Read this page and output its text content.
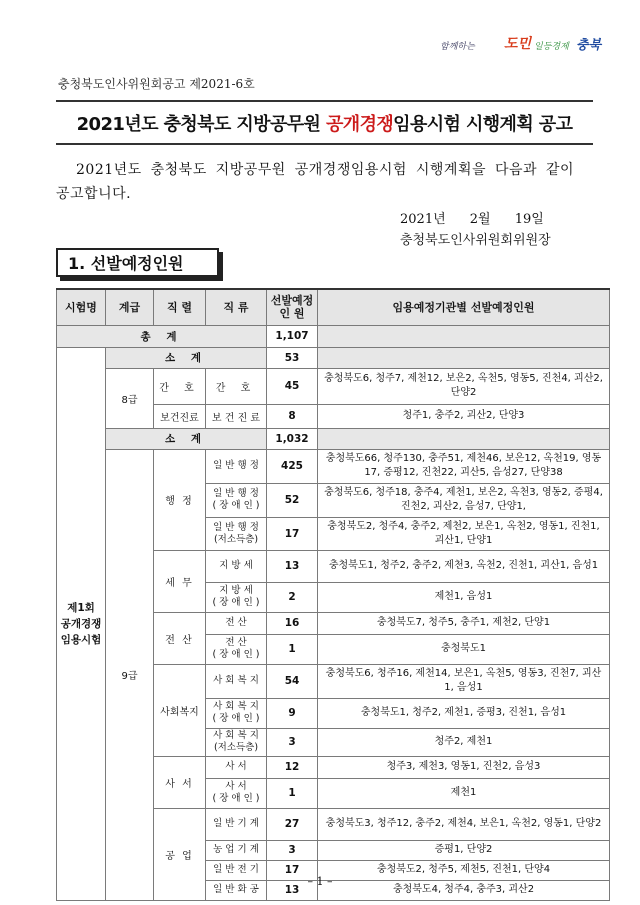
함께하는 도민 일등경제 충북
충청북도인사위원회공고 제2021-6호
2021년도 충청북도 지방공무원 공개경쟁임용시험 시행계획 공고
2021년도 충청북도 지방공무원 공개경쟁임용시험 시행계획을 다음과 같이 공고합니다.
2021년 2월 19일
충청북도인사위원회위원장
1. 선발예정인원
시험명	계급	직 렬	직 류	선발예정
인 원	임용예정기관별 선발예정인원
총 계				1,107	
제1회
공개경쟁
임용시험	소 계			53	
	8급	간 호	간 호	45	충청북도6, 청주7, 제천12, 보은2, 옥천5, 영동5, 진천4, 괴산2, 단양2
		보건진료	보 건 진 료	8	청주1, 충주2, 괴산2, 단양3
	소 계			1,032	
	9급	행 정	일 반 행 정	425	충청북도66, 청주130, 충주51, 제천46, 보은12, 옥천19, 영동17, 증평12, 진천22, 괴산5, 음성27, 단양38
			일 반 행 정
( 장 애 인 )	52	충청북도6, 청주18, 충주4, 제천1, 보은2, 옥천3, 영동2, 증평4, 진천2, 괴산2, 음성7, 단양1,
			일 반 행 정
(저소득층)	17	충청북도2, 청주4, 충주2, 제천2, 보은1, 옥천2, 영동1, 진천1, 괴산1, 단양1
		세 무	지 방 세	13	충청북도1, 청주2, 충주2, 제천3, 옥천2, 진천1, 괴산1, 음성1
			지 방 세
( 장 애 인 )	2	제천1, 음성1
		전 산	전 산	16	충청북도7, 청주5, 충주1, 제천2, 단양1
			전 산
( 장 애 인 )	1	충청북도1
		사회복지	사 회 복 지	54	충청북도6, 청주16, 제천14, 보은1, 옥천5, 영동3, 진천7, 괴산1, 음성1
			사 회 복 지
( 장 애 인 )	9	충청북도1, 청주2, 제천1, 증평3, 진천1, 음성1
			사 회 복 지
(저소득층)	3	청주2, 제천1
		사 서	사 서	12	청주3, 제천3, 영동1, 진천2, 음성3
			사 서
( 장 애 인 )	1	제천1
		공 업	일 반 기 계	27	충청북도3, 청주12, 충주2, 제천4, 보은1, 옥천2, 영동1, 단양2
			농 업 기 계	3	증평1, 단양2
			일 반 전 기	17	충청북도2, 청주5, 제천5, 진천1, 단양4
			일 반 화 공	13	충청북도4, 청주4, 충주3, 괴산2
– 1 –
